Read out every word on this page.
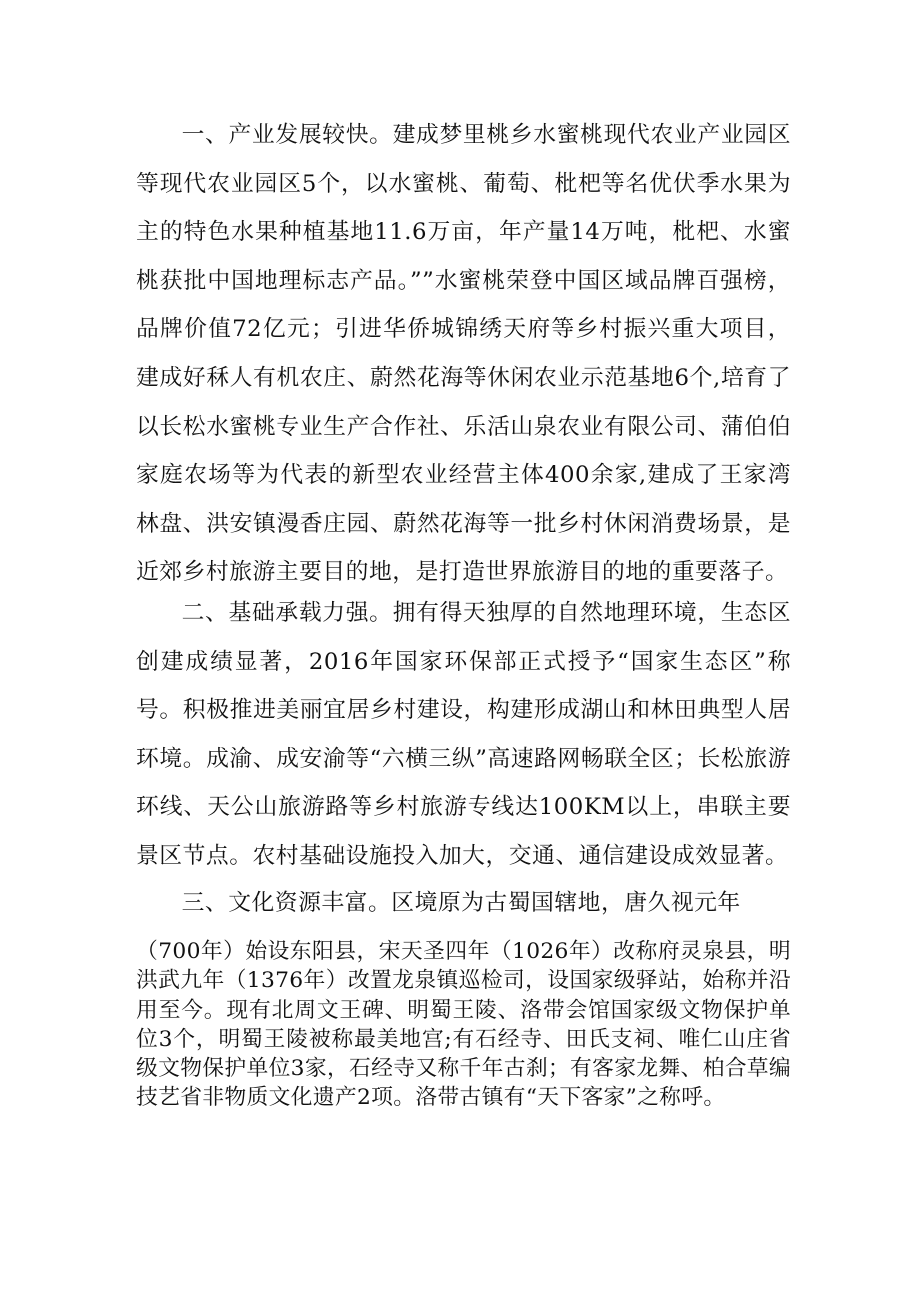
一、产业发展较快。建成梦里桃乡水蜜桃现代农业产业园区等现代农业园区5个，以水蜜桃、葡萄、枇杷等名优伏季水果为主的特色水果种植基地11.6万亩，年产量14万吨，枇杷、水蜜桃获批中国地理标志产品。””水蜜桃荣登中国区域品牌百强榜，品牌价值72亿元；引进华侨城锦绣天府等乡村振兴重大项目，建成好秝人有机农庄、蔚然花海等休闲农业示范基地6个,培育了以长松水蜜桃专业生产合作社、乐活山泉农业有限公司、蒲伯伯家庭农场等为代表的新型农业经营主体400余家,建成了王家湾林盘、洪安镇漫香庄园、蔚然花海等一批乡村休闲消费场景，是近郊乡村旅游主要目的地，是打造世界旅游目的地的重要落子。

二、基础承载力强。拥有得天独厚的自然地理环境，生态区创建成绩显著，2016年国家环保部正式授予“国家生态区”称号。积极推进美丽宜居乡村建设，构建形成湖山和林田典型人居环境。成渝、成安渝等“六横三纵”高速路网畅联全区；长松旅游环线、天公山旅游路等乡村旅游专线达100KM以上，串联主要景区节点。农村基础设施投入加大，交通、通信建设成效显著。

三、文化资源丰富。区境原为古蜀国辖地，唐久视元年

（700年）始设东阳县，宋天圣四年（1026年）改称府灵泉县，明洪武九年（1376年）改置龙泉镇巡检司，设国家级驿站，始称并沿用至今。现有北周文王碑、明蜀王陵、洛带会馆国家级文物保护单位3个，明蜀王陵被称最美地宫;有石经寺、田氏支祠、唯仁山庄省级文物保护单位3家，石经寺又称千年古刹；有客家龙舞、柏合草编技艺省非物质文化遗产2项。洛带古镇有“天下客家”之称呼。
